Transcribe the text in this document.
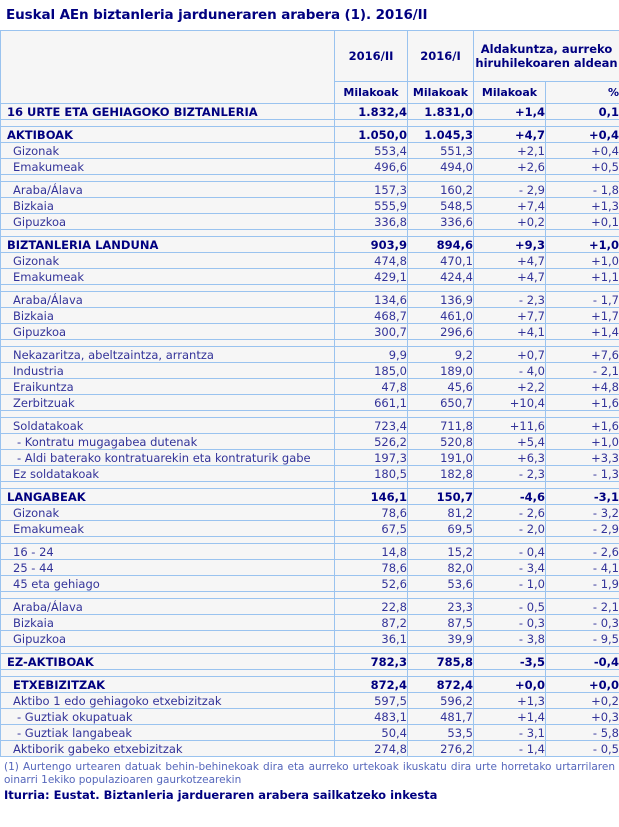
Euskal AEn biztanleria jarduneraren arabera (1). 2016/II
	2016/II	2016/I	Aldakuntza, aurreko hiruhilekoaren aldean	
	Milakoak	Milakoak	Milakoak	%
16 URTE ETA GEHIAGOKO BIZTANLERIA	1.832,4	1.831,0	+1,4	0,1

AKTIBOAK	1.050,0	1.045,3	+4,7	+0,4
Gizonak	553,4	551,3	+2,1	+0,4
Emakumeak	496,6	494,0	+2,6	+0,5

Araba/Álava	157,3	160,2	- 2,9	- 1,8
Bizkaia	555,9	548,5	+7,4	+1,3
Gipuzkoa	336,8	336,6	+0,2	+0,1

BIZTANLERIA LANDUNA	903,9	894,6	+9,3	+1,0
Gizonak	474,8	470,1	+4,7	+1,0
Emakumeak	429,1	424,4	+4,7	+1,1

Araba/Álava	134,6	136,9	- 2,3	- 1,7
Bizkaia	468,7	461,0	+7,7	+1,7
Gipuzkoa	300,7	296,6	+4,1	+1,4

Nekazaritza, abeltzaintza, arrantza	9,9	9,2	+0,7	+7,6
Industria	185,0	189,0	- 4,0	- 2,1
Eraikuntza	47,8	45,6	+2,2	+4,8
Zerbitzuak	661,1	650,7	+10,4	+1,6

Soldatakoak	723,4	711,8	+11,6	+1,6
- Kontratu mugagabea dutenak	526,2	520,8	+5,4	+1,0
- Aldi baterako kontratuarekin eta kontraturik gabe	197,3	191,0	+6,3	+3,3
Ez soldatakoak	180,5	182,8	- 2,3	- 1,3

LANGABEAK	146,1	150,7	-4,6	-3,1
Gizonak	78,6	81,2	- 2,6	- 3,2
Emakumeak	67,5	69,5	- 2,0	- 2,9

16 - 24	14,8	15,2	- 0,4	- 2,6
25 - 44	78,6	82,0	- 3,4	- 4,1
45 eta gehiago	52,6	53,6	- 1,0	- 1,9

Araba/Álava	22,8	23,3	- 0,5	- 2,1
Bizkaia	87,2	87,5	- 0,3	- 0,3
Gipuzkoa	36,1	39,9	- 3,8	- 9,5

EZ-AKTIBOAK	782,3	785,8	-3,5	-0,4

ETXEBIZITZAK	872,4	872,4	+0,0	+0,0
Aktibo 1 edo gehiagoko etxebizitzak	597,5	596,2	+1,3	+0,2
- Guztiak okupatuak	483,1	481,7	+1,4	+0,3
- Guztiak langabeak	50,4	53,5	- 3,1	- 5,8
Aktiborik gabeko etxebizitzak	274,8	276,2	- 1,4	- 0,5
(1) Aurtengo urtearen datuak behin-behinekoak dira eta aurreko urtekoak ikuskatu dira urte horretako urtarrilaren oinarri 1ekiko populazioaren gaurkotzearekin
Iturria: Eustat. Biztanleria jardueraren arabera sailkatzeko inkesta
